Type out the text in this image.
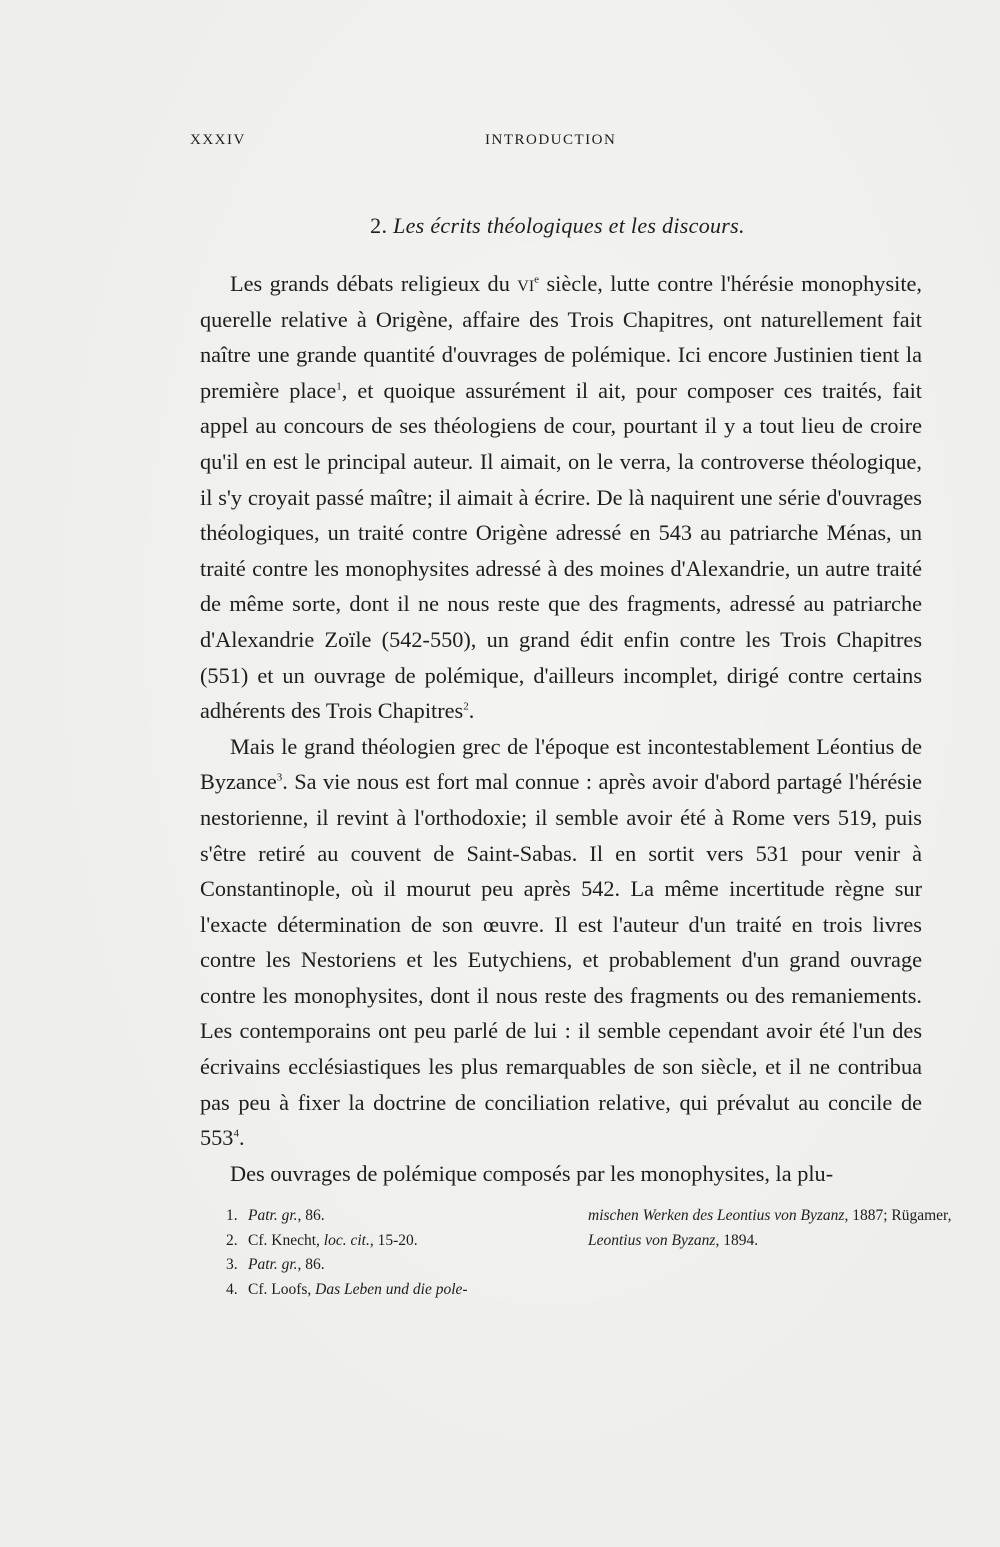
XXXIV	INTRODUCTION
2. Les écrits théologiques et les discours.

Les grands débats religieux du $vi^e$ siècle, lutte contre l'hérésie monophysite, querelle relative à Origène, affaire des Trois Chapitres, ont naturellement fait naître une grande quantité d'ouvrages de polémique. Ici encore Justinien tient la première place$^1$, et quoique assurément il ait, pour composer ces traités, fait appel au concours de ses théologiens de cour, pourtant il y a tout lieu de croire qu'il en est le principal auteur. Il aimait, on le verra, la controverse théologique, il s'y croyait passé maître; il aimait à écrire. De là naquirent une série d'ouvrages théologiques, un traité contre Origène adressé en 543 au patriarche Ménas, un traité contre les monophysites adressé à des moines d'Alexandrie, un autre traité de même sorte, dont il ne nous reste que des fragments, adressé au patriarche d'Alexandrie Zoïle (542-550), un grand édit enfin contre les Trois Chapitres (551) et un ouvrage de polémique, d'ailleurs incomplet, dirigé contre certains adhérents des Trois Chapitres$^2$.

Mais le grand théologien grec de l'époque est incontestablement Léontius de Byzance$^3$. Sa vie nous est fort mal connue : après avoir d'abord partagé l'hérésie nestorienne, il revint à l'orthodoxie; il semble avoir été à Rome vers 519, puis s'être retiré au couvent de Saint-Sabas. Il en sortit vers 531 pour venir à Constantinople, où il mourut peu après 542. La même incertitude règne sur l'exacte détermination de son œuvre. Il est l'auteur d'un traité en trois livres contre les Nestoriens et les Eutychiens, et probablement d'un grand ouvrage contre les monophysites, dont il nous reste des fragments ou des remaniements. Les contemporains ont peu parlé de lui : il semble cependant avoir été l'un des écrivains ecclésiastiques les plus remarquables de son siècle, et il ne contribua pas peu à fixer la doctrine de conciliation relative, qui prévalut au concile de $553^4$.

Des ouvrages de polémique composés par les monophysites, la plu-

1. Patr. gr., 86.
2. Cf. Knecht, loc. cit., 15-20.
3. Patr. gr., 86.
4. Cf. Loofs, Das Leben und die pole-
mischen Werken des Leontius von Byzanz, 1887; Rügamer,
Leontius von Byzanz, 1894.
